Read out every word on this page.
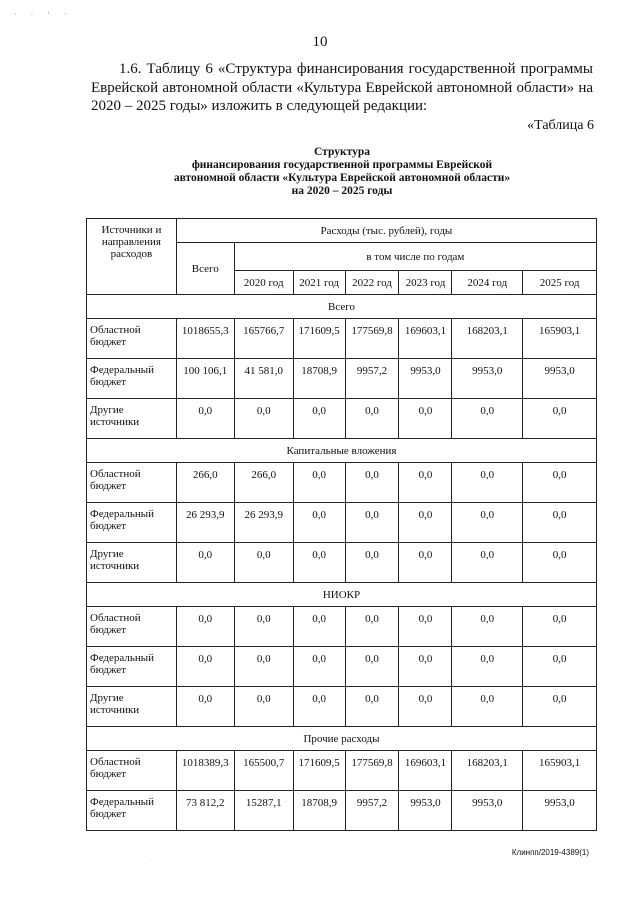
· · ‘ ·
10

1.6. Таблицу 6 «Структура финансирования государственной программы Еврейской автономной области «Культура Еврейской автономной области» на 2020 – 2025 годы» изложить в следующей редакции:

«Таблица 6
Структура
финансирования государственной программы Еврейской
автономной области «Культура Еврейской автономной области»
на 2020 – 2025 годы
Источники и направления расходов	Расходы (тыс. рублей), годы						
	Всего	в том числе по годам					
		2020 год	2021 год	2022 год	2023 год	2024 год	2025 год
Всего							
Областной бюджет	1018655,3	165766,7	171609,5	177569,8	169603,1	168203,1	165903,1
Федеральный бюджет	100 106,1	41 581,0	18708,9	9957,2	9953,0	9953,0	9953,0
Другие источники	0,0	0,0	0,0	0,0	0,0	0,0	0,0
Капитальные вложения							
Областной бюджет	266,0	266,0	0,0	0,0	0,0	0,0	0,0
Федеральный бюджет	26 293,9	26 293,9	0,0	0,0	0,0	0,0	0,0
Другие источники	0,0	0,0	0,0	0,0	0,0	0,0	0,0
НИОКР							
Областной бюджет	0,0	0,0	0,0	0,0	0,0	0,0	0,0
Федеральный бюджет	0,0	0,0	0,0	0,0	0,0	0,0	0,0
Другие источники	0,0	0,0	0,0	0,0	0,0	0,0	0,0
Прочие расходы							
Областной бюджет	1018389,3	165500,7	171609,5	177569,8	169603,1	168203,1	165903,1
Федеральный бюджет	73 812,2	15287,1	18708,9	9957,2	9953,0	9953,0	9953,0
Клинпп/2019-4389(1)
·
